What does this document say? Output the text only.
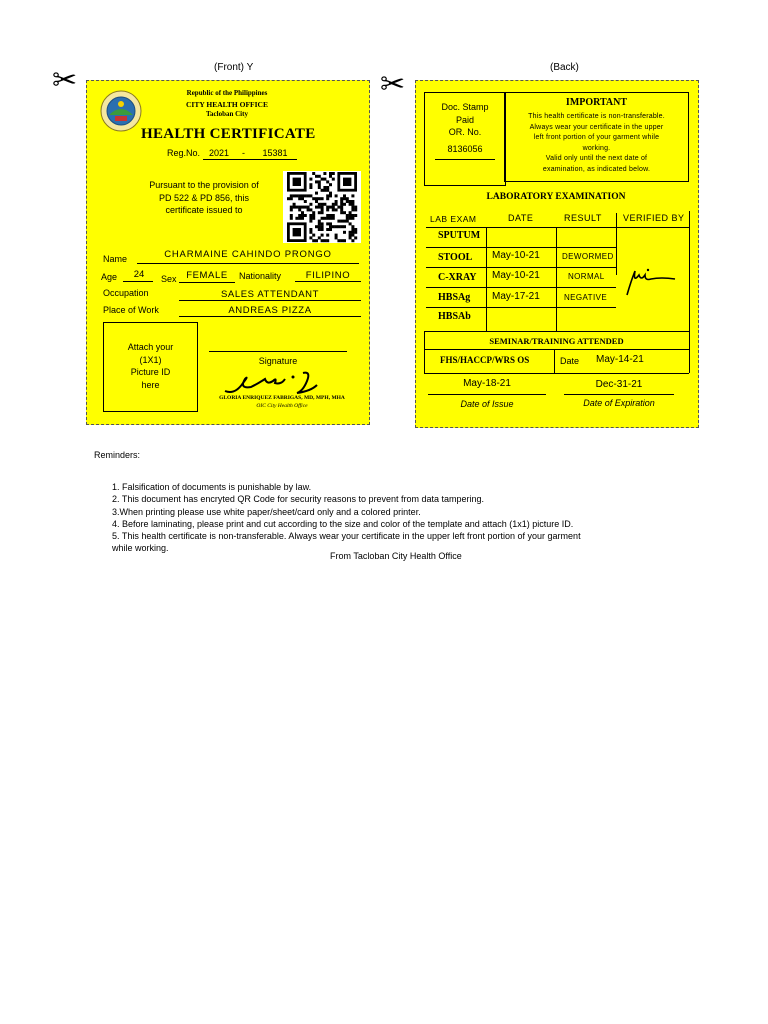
(Front) Y	(Back)
✂	✂
Republic of the Philippines
CITY HEALTH OFFICE
Tacloban City
HEALTH CERTIFICATE
Reg.No. 2021	-	15381
Pursuant to the provision of
PD 522 & PD 856, this
certificate issued to
Name	CHARMAINE CAHINDO PRONGO
Age	24	Sex	FEMALE	Nationality	FILIPINO
Occupation	SALES ATTENDANT
Place of Work	ANDREAS PIZZA
Attach your
(1X1)
Picture ID
here
Signature
GLORIA ENRIQUEZ FABRIGAS, MD, MPH, MHA
OIC City Health Office
Doc. Stamp
Paid
OR. No.
8136056
IMPORTANT
This health certificate is non-transferable.
Always wear your certificate in the upper
left front portion of your garment while
working.
Valid only until the next date of
examination, as indicated below.
LABORATORY EXAMINATION
LAB EXAM	DATE	RESULT VERIFIED BY
SPUTUM
STOOL May-10-21	DEWORMED
C-XRAY May-10-21	NORMAL
HBSAg May-17-21	NEGATIVE
HBSAb
SEMINAR/TRAINING ATTENDED
FHS/HACCP/WRS OS	Date May-14-21
May-18-21
Date of Issue
Dec-31-21
Date of Expiration
Reminders:
1. Falsification of documents is punishable by law.
2. This document has encryted QR Code for security reasons to prevent from data tampering.
3.When printing please use white paper/sheet/card only and a colored printer.
4. Before laminating, please print and cut according to the size and color of the template and attach (1x1) picture ID.
5. This health certificate is non-transferable. Always wear your certificate in the upper left front portion of your garment
while working.
From Tacloban City Health Office
